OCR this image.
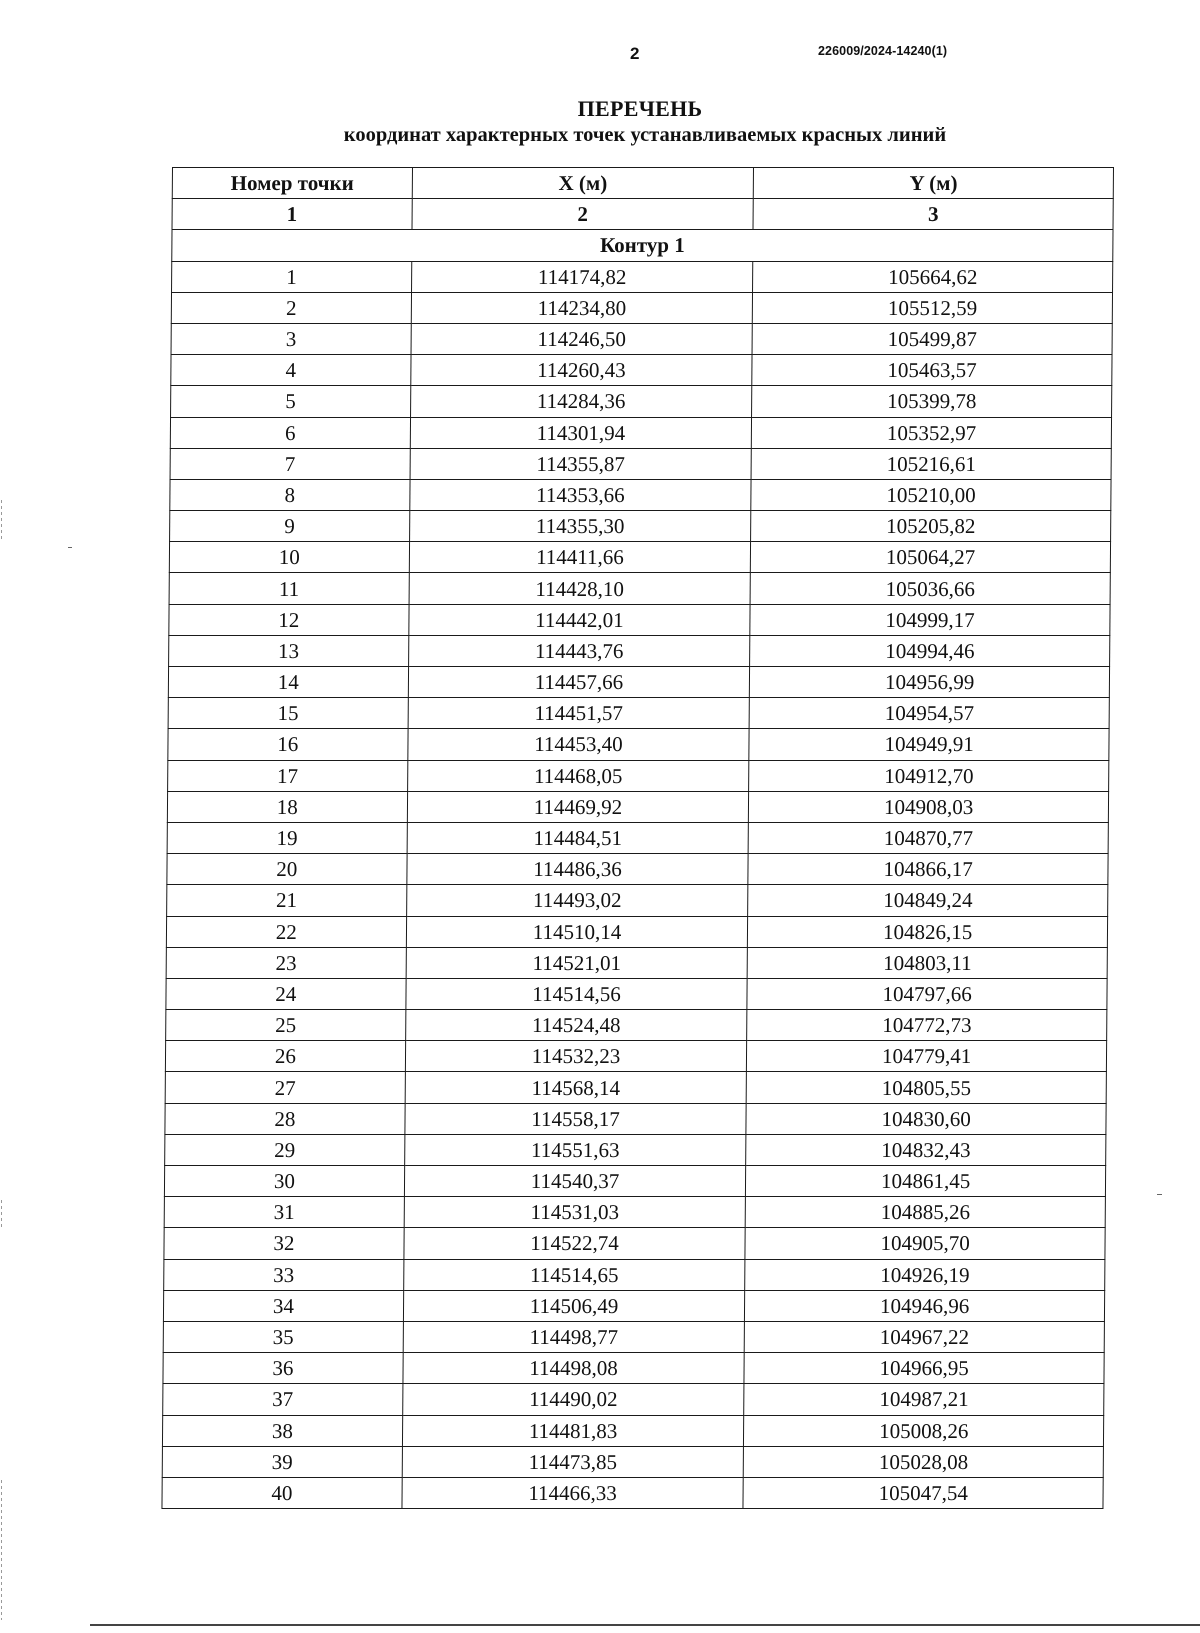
2	226009/2024-14240(1)
ПЕРЕЧЕНЬ
координат характерных точек устанавливаемых красных линий
Номер точки	X (м)	Y (м)
1	2	3
Контур 1		
1	114174,82	105664,62
2	114234,80	105512,59
3	114246,50	105499,87
4	114260,43	105463,57
5	114284,36	105399,78
6	114301,94	105352,97
7	114355,87	105216,61
8	114353,66	105210,00
9	114355,30	105205,82
10	114411,66	105064,27
11	114428,10	105036,66
12	114442,01	104999,17
13	114443,76	104994,46
14	114457,66	104956,99
15	114451,57	104954,57
16	114453,40	104949,91
17	114468,05	104912,70
18	114469,92	104908,03
19	114484,51	104870,77
20	114486,36	104866,17
21	114493,02	104849,24
22	114510,14	104826,15
23	114521,01	104803,11
24	114514,56	104797,66
25	114524,48	104772,73
26	114532,23	104779,41
27	114568,14	104805,55
28	114558,17	104830,60
29	114551,63	104832,43
30	114540,37	104861,45
31	114531,03	104885,26
32	114522,74	104905,70
33	114514,65	104926,19
34	114506,49	104946,96
35	114498,77	104967,22
36	114498,08	104966,95
37	114490,02	104987,21
38	114481,83	105008,26
39	114473,85	105028,08
40	114466,33	105047,54
